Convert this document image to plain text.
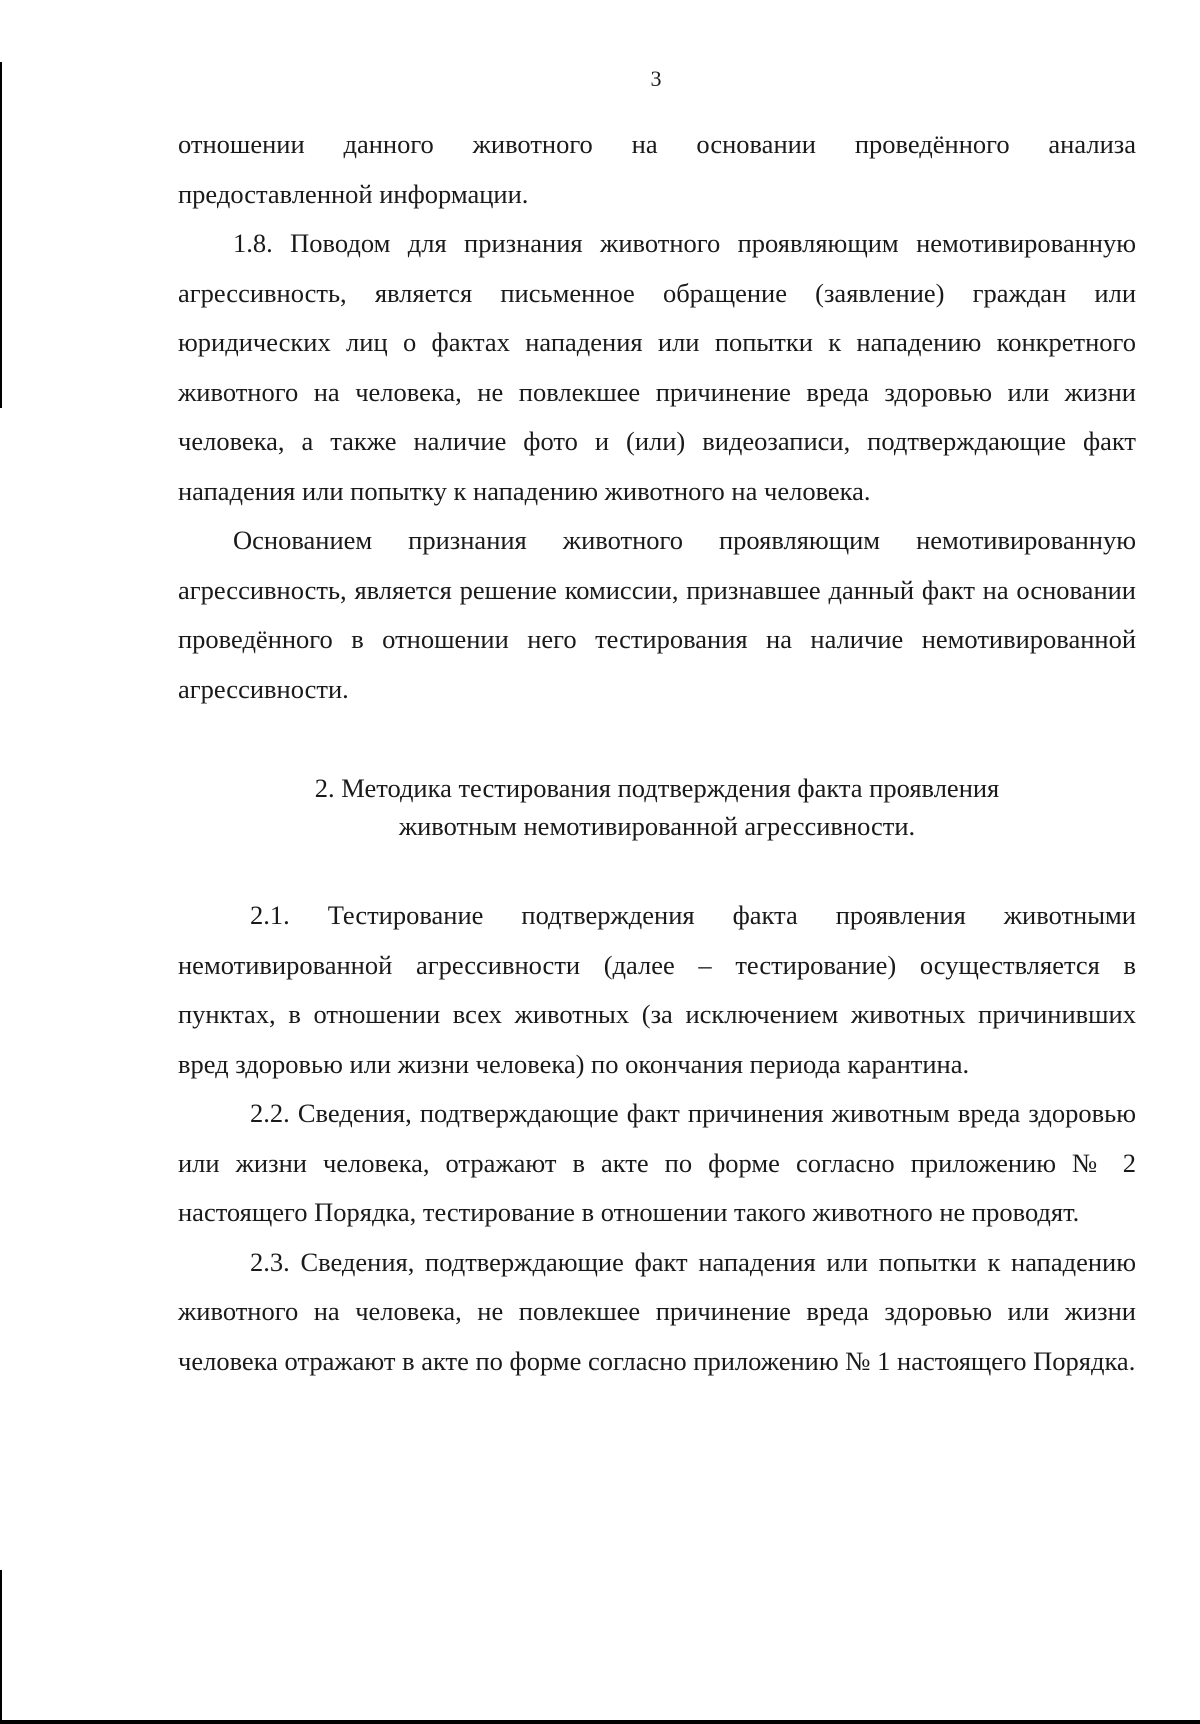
3

отношении данного животного на основании проведённого анализа предоставленной информации.

1.8. Поводом для признания животного проявляющим немотивированную агрессивность, является письменное обращение (заявление) граждан или юридических лиц о фактах нападения или попытки к нападению конкретного животного на человека, не повлекшее причинение вреда здоровью или жизни человека, а также наличие фото и (или) видеозаписи, подтверждающие факт нападения или попытку к нападению животного на человека.

Основанием признания животного проявляющим немотивированную агрессивность, является решение комиссии, признавшее данный факт на основании проведённого в отношении него тестирования на наличие немотивированной агрессивности.

2. Методика тестирования подтверждения факта проявления
животным немотивированной агрессивности.

2.1. Тестирование подтверждения факта проявления животными немотивированной агрессивности (далее – тестирование) осуществляется в пунктах, в отношении всех животных (за исключением животных причинивших вред здоровью или жизни человека) по окончания периода карантина.

2.2. Сведения, подтверждающие факт причинения животным вреда здоровью или жизни человека, отражают в акте по форме согласно приложению № 2 настоящего Порядка, тестирование в отношении такого животного не проводят.

2.3. Сведения, подтверждающие факт нападения или попытки к нападению животного на человека, не повлекшее причинение вреда здоровью или жизни человека отражают в акте по форме согласно приложению № 1 настоящего Порядка.
